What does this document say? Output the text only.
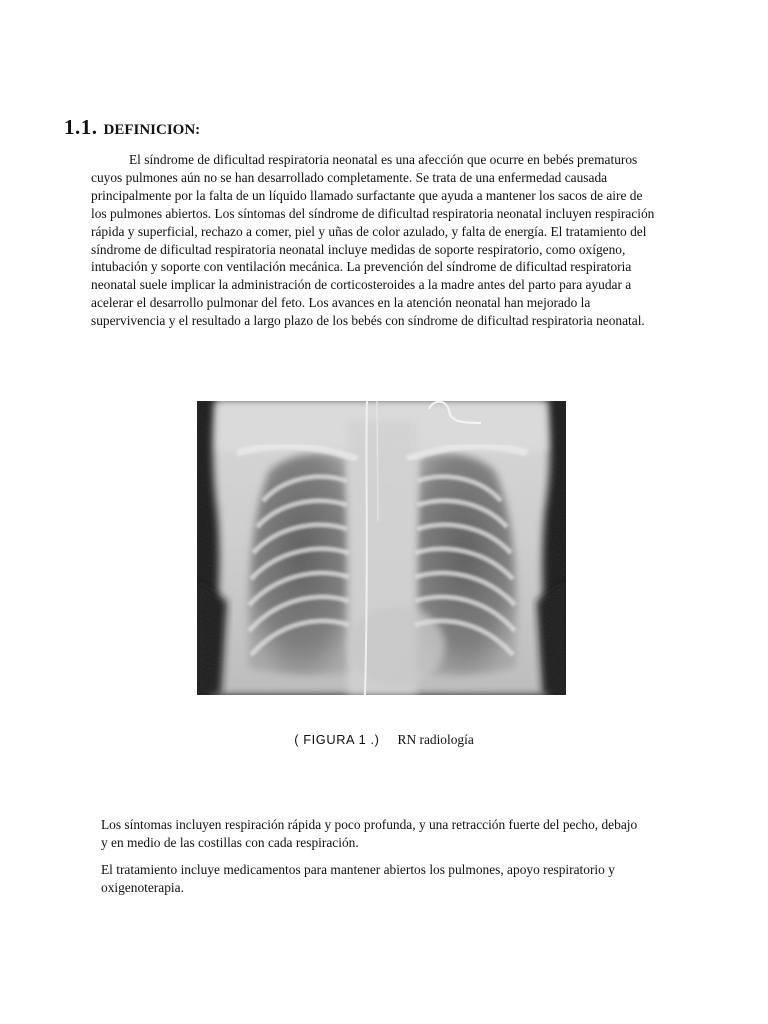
1.1. DEFINICION:

El síndrome de dificultad respiratoria neonatal es una afección que ocurre en bebés prematuros cuyos pulmones aún no se han desarrollado completamente. Se trata de una enfermedad causada principalmente por la falta de un líquido llamado surfactante que ayuda a mantener los sacos de aire de los pulmones abiertos. Los síntomas del síndrome de dificultad respiratoria neonatal incluyen respiración rápida y superficial, rechazo a comer, piel y uñas de color azulado, y falta de energía. El tratamiento del síndrome de dificultad respiratoria neonatal incluye medidas de soporte respiratorio, como oxígeno, intubación y soporte con ventilación mecánica. La prevención del síndrome de dificultad respiratoria neonatal suele implicar la administración de corticosteroides a la madre antes del parto para ayudar a acelerar el desarrollo pulmonar del feto. Los avances en la atención neonatal han mejorado la supervivencia y el resultado a largo plazo de los bebés con síndrome de dificultad respiratoria neonatal.

( FIGURA 1 .) RN radiología

Los síntomas incluyen respiración rápida y poco profunda, y una retracción fuerte del pecho, debajo y en medio de las costillas con cada respiración.

El tratamiento incluye medicamentos para mantener abiertos los pulmones, apoyo respiratorio y oxigenoterapia.
